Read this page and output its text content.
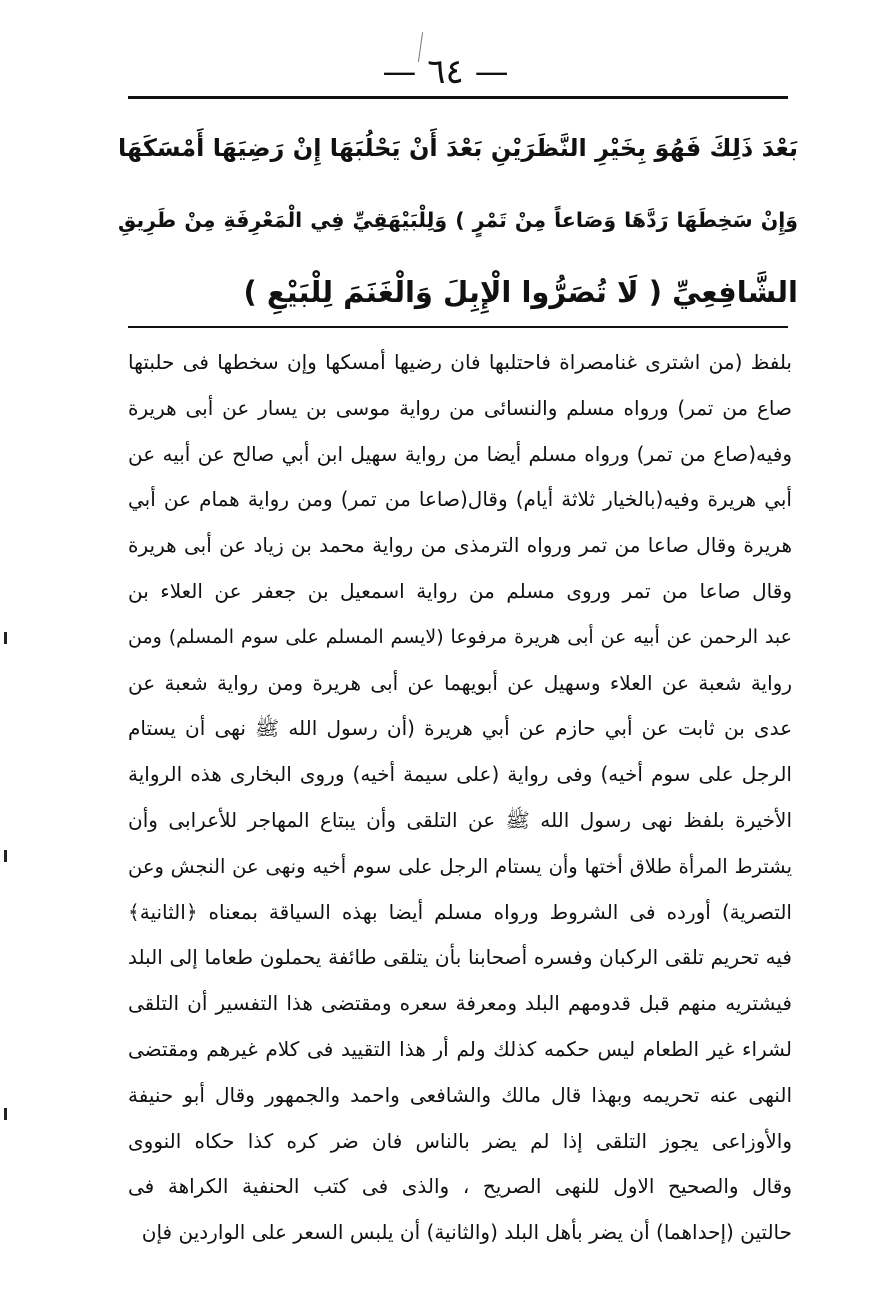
— ٦٤ —
بَعْدَ ذَلِكَ فَهُوَ بِخَيْرِ النَّظَرَيْنِ بَعْدَ أَنْ يَحْلُبَهَا إِنْ رَضِيَهَا أَمْسَكَهَا
وَإِنْ سَخِطَهَا رَدَّهَا وَصَاعاً مِنْ تَمْرٍ ) وَلِلْبَيْهَقِيِّ فِي الْمَعْرِفَةِ مِنْ طَرِيقِ
الشَّافِعِيِّ ( لَا تُصَرُّوا الْإِبِلَ وَالْغَنَمَ لِلْبَيْعِ )
بلفظ (من اشترى غنامصراة فاحتلبها فان رضيها أمسكها وإن سخطها فى حلبتها
صاع من تمر) ورواه مسلم والنسائى من رواية موسى بن يسار عن أبى هريرة
وفيه(صاع من تمر) ورواه مسلم أيضا من رواية سهيل ابن أبي صالح عن أبيه عن
أبي هريرة وفيه(بالخيار ثلاثة أيام) وقال(صاعا من تمر) ومن رواية همام عن أبي
هريرة وقال صاعا من تمر ورواه الترمذى من رواية محمد بن زياد عن أبى هريرة
وقال صاعا من تمر وروى مسلم من رواية اسمعيل بن جعفر عن العلاء بن
عبد الرحمن عن أبيه عن أبى هريرة مرفوعا (لايسم المسلم على سوم المسلم) ومن
رواية شعبة عن العلاء وسهيل عن أبويهما عن أبى هريرة ومن رواية شعبة عن
عدى بن ثابت عن أبي حازم عن أبي هريرة (أن رسول الله ﷺ نهى أن يستام
الرجل على سوم أخيه) وفى رواية (على سيمة أخيه) وروى البخارى هذه الرواية
الأخيرة بلفظ نهى رسول الله ﷺ عن التلقى وأن يبتاع المهاجر للأعرابى وأن
يشترط المرأة طلاق أختها وأن يستام الرجل على سوم أخيه ونهى عن النجش وعن
التصرية) أورده فى الشروط ورواه مسلم أيضا بهذه السياقة بمعناه ﴿الثانية﴾
فيه تحريم تلقى الركبان وفسره أصحابنا بأن يتلقى طائفة يحملون طعاما إلى البلد
فيشتريه منهم قبل قدومهم البلد ومعرفة سعره ومقتضى هذا التفسير أن التلقى
لشراء غير الطعام ليس حكمه كذلك ولم أر هذا التقييد فى كلام غيرهم ومقتضى
النهى عنه تحريمه وبهذا قال مالك والشافعى واحمد والجمهور وقال أبو حنيفة
والأوزاعى يجوز التلقى إذا لم يضر بالناس فان ضر كره كذا حكاه النووى
وقال والصحيح الاول للنهى الصريح ، والذى فى كتب الحنفية الكراهة فى
حالتين (إحداهما) أن يضر بأهل البلد (والثانية) أن يلبس السعر على الواردين فإن
